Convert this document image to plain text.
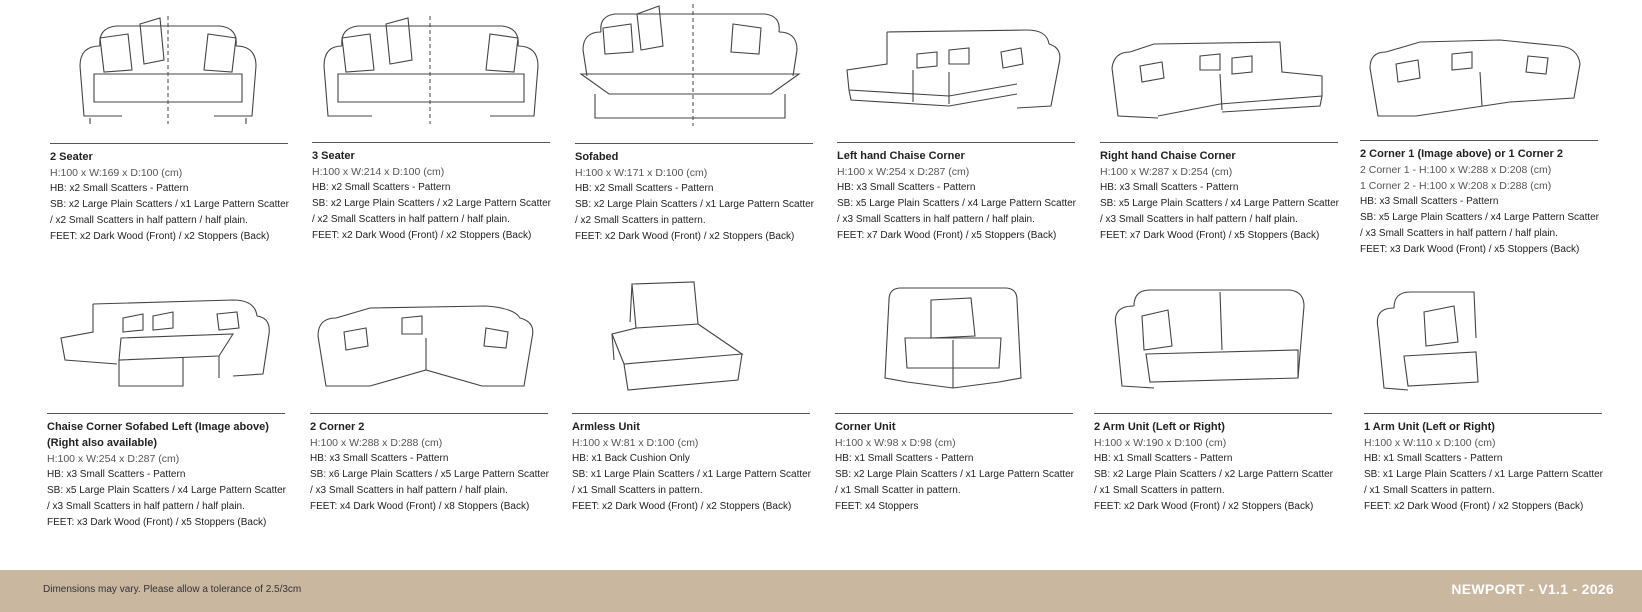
2 Seater
H:100 x W:169 x D:100 (cm)
HB: x2 Small Scatters - Pattern
SB: x2 Large Plain Scatters / x1 Large Pattern Scatter
/ x2 Small Scatters in half pattern / half plain.
FEET: x2 Dark Wood (Front) / x2 Stoppers (Back)
3 Seater
H:100 x W:214 x D:100 (cm)
HB: x2 Small Scatters - Pattern
SB: x2 Large Plain Scatters / x2 Large Pattern Scatter
/ x2 Small Scatters in half pattern / half plain.
FEET: x2 Dark Wood (Front) / x2 Stoppers (Back)
Sofabed
H:100 x W:171 x D:100 (cm)
HB: x2 Small Scatters - Pattern
SB: x2 Large Plain Scatters / x1 Large Pattern Scatter
/ x2 Small Scatters in pattern.
FEET: x2 Dark Wood (Front) / x2 Stoppers (Back)
Left hand Chaise Corner
H:100 x W:254 x D:287 (cm)
HB: x3 Small Scatters - Pattern
SB: x5 Large Plain Scatters / x4 Large Pattern Scatter
/ x3 Small Scatters in half pattern / half plain.
FEET: x7 Dark Wood (Front) / x5 Stoppers (Back)
Right hand Chaise Corner
H:100 x W:287 x D:254 (cm)
HB: x3 Small Scatters - Pattern
SB: x5 Large Plain Scatters / x4 Large Pattern Scatter
/ x3 Small Scatters in half pattern / half plain.
FEET: x7 Dark Wood (Front) / x5 Stoppers (Back)
2 Corner 1 (Image above) or 1 Corner 2
2 Corner 1 - H:100 x W:288 x D:208 (cm)
1 Corner 2 - H:100 x W:208 x D:288 (cm)
HB: x3 Small Scatters - Pattern
SB: x5 Large Plain Scatters / x4 Large Pattern Scatter
/ x3 Small Scatters in half pattern / half plain.
FEET: x3 Dark Wood (Front) / x5 Stoppers (Back)
Chaise Corner Sofabed Left (Image above)
(Right also available)
H:100 x W:254 x D:287 (cm)
HB: x3 Small Scatters - Pattern
SB: x5 Large Plain Scatters / x4 Large Pattern Scatter
/ x3 Small Scatters in half pattern / half plain.
FEET: x3 Dark Wood (Front) / x5 Stoppers (Back)
2 Corner 2
H:100 x W:288 x D:288 (cm)
HB: x3 Small Scatters - Pattern
SB: x6 Large Plain Scatters / x5 Large Pattern Scatter
/ x3 Small Scatters in half pattern / half plain.
FEET: x4 Dark Wood (Front) / x8 Stoppers (Back)
Armless Unit
H:100 x W:81 x D:100 (cm)
HB: x1 Back Cushion Only
SB: x1 Large Plain Scatters / x1 Large Pattern Scatter
/ x1 Small Scatters in pattern.
FEET: x2 Dark Wood (Front) / x2 Stoppers (Back)
Corner Unit
H:100 x W:98 x D:98 (cm)
HB: x1 Small Scatters - Pattern
SB: x2 Large Plain Scatters / x1 Large Pattern Scatter
/ x1 Small Scatter in pattern.
FEET: x4 Stoppers
2 Arm Unit (Left or Right)
H:100 x W:190 x D:100 (cm)
HB: x1 Small Scatters - Pattern
SB: x2 Large Plain Scatters / x2 Large Pattern Scatter
/ x1 Small Scatters in pattern.
FEET: x2 Dark Wood (Front) / x2 Stoppers (Back)
1 Arm Unit (Left or Right)
H:100 x W:110 x D:100 (cm)
HB: x1 Small Scatters - Pattern
SB: x1 Large Plain Scatters / x1 Large Pattern Scatter
/ x1 Small Scatters in pattern.
FEET: x2 Dark Wood (Front) / x2 Stoppers (Back)
Dimensions may vary. Please allow a tolerance of 2.5/3cm	NEWPORT - V1.1 - 2026
